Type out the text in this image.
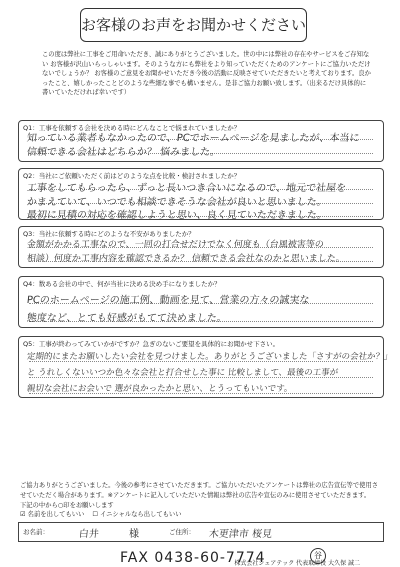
お客様のお声をお聞かせください
この度は弊社に工事をご用命いただき、誠にありがとうございました。世の中には弊社の存在やサービスをご存知ない お客様が沢山いらっしゃいます。そのような方にも弊社をより知っていただくためのアンケートにご協力いただけないでしょうか？ お客様のご意見をお聞かせいただき今後の活動に反映させていただきたいと考えております。良かったこと、嬉しかったことどのような些細な事でも構いません。是非ご協力お願い致します。（出来るだけ具体的に書いていただければ幸いです）
Q1：工事を依頼する会社を決める時にどんなことで悩まれていましたか？
知っている業者もなかったので、PCでホームページを見ましたが、本当に
信頼できる会社はどちらか？ 悩みました。
Q2：当社にご依頼いただく前はどのような点を比較・検討されましたか？
工事をしてもらったら、ずっと長いつき合いになるので、地元で社屋を
かまえていて、いつでも相談できそうな会社が良いと思いました。
最初に見積の対応を確認しようと思い、良く見ていただきました。
Q3：当社に依頼する時にどのような不安がありましたか？
金額がかかる工事なので、一回の打合せだけでなく何度も（台風被害等の
相談）何度か工事内容を確認できるか？ 信頼できる会社なのかと思いました。
Q4：数ある会社の中で、何が当社に決める決め手になりましたか？
PCのホームページの施工例、動画を見て、営業の方々の誠実な
態度など、とても好感がもてて決めました。
Q5：工事が終わってみていかがですか？急ぎのないご要望を具体的にお聞かせ下さい。
定期的にまたお願いしたい会社を見つけました。ありがとうございました「さすがの会社か？」
と うれしくないいつか色々な会社と打合せした事に 比較しまして、最後の工事が
親切な会社にお会いで 選が良かったかと思い、とうってもいいです。
ご協力ありがとうございました。今後の参考にさせていただきます。ご協力いただいたアンケートは弊社の広告宣伝等で使用させていただく場合があります。※アンケートに記入していただいた情報は弊社の広告や宣伝のみに使用させていただきます。
下記の中から○印をお願いします
☑ 名前を出してもいい ☐ イニシャルなら出してもいい
お名前：	白井	様	ご住所： 木更津市 桜見
FAX 0438-60-7774	谷
株式会社シェアテック 代表取締役 大久保 誠二
